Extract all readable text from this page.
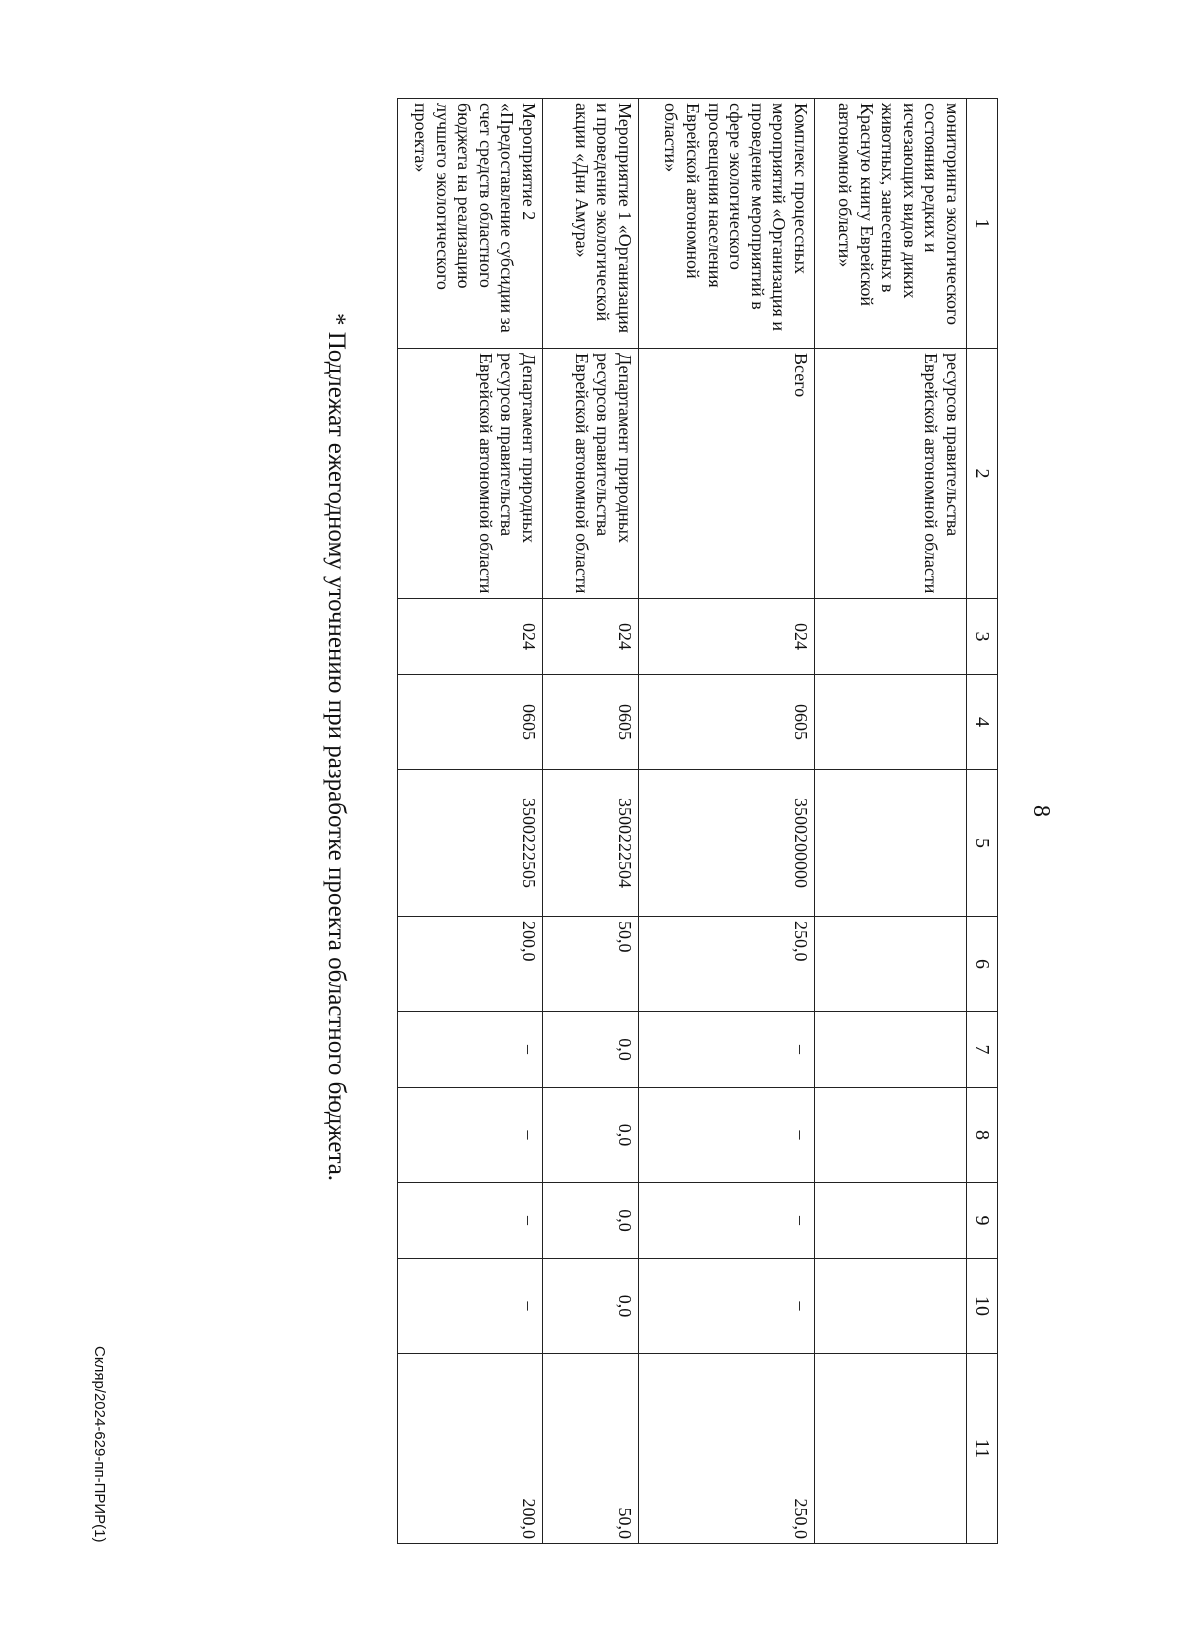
8
1	2	3	4	5	6	7	8	9	10	11
мониторинга экологического состояния редких и исчезающих видов диких животных, занесенных в Красную книгу Еврейской автономной области»	ресурсов правительства Еврейской автономной области									
Комплекс процессных мероприятий «Организация и проведение мероприятий в сфере экологического просвещения населения Еврейской автономной области»	Всего	024	0605	3500200000	250,0	–	–	–	–	250,0
Мероприятие 1 «Организация и проведение экологической акции «Дни Амура»	Департамент природных ресурсов правительства Еврейской автономной области	024	0605	3500222504	50,0	0,0	0,0	0,0	0,0	50,0
Мероприятие 2 «Предоставление субсидии за счет средств областного бюджета на реализацию лучшего экологического проекта»	Департамент природных ресурсов правительства Еврейской автономной области	024	0605	3500222505	200,0	–	–	–	–	200,0
* Подлежат ежегодному уточнению при разработке проекта областного бюджета.
Скляр/2024-629-пп-ПРИР(1)
